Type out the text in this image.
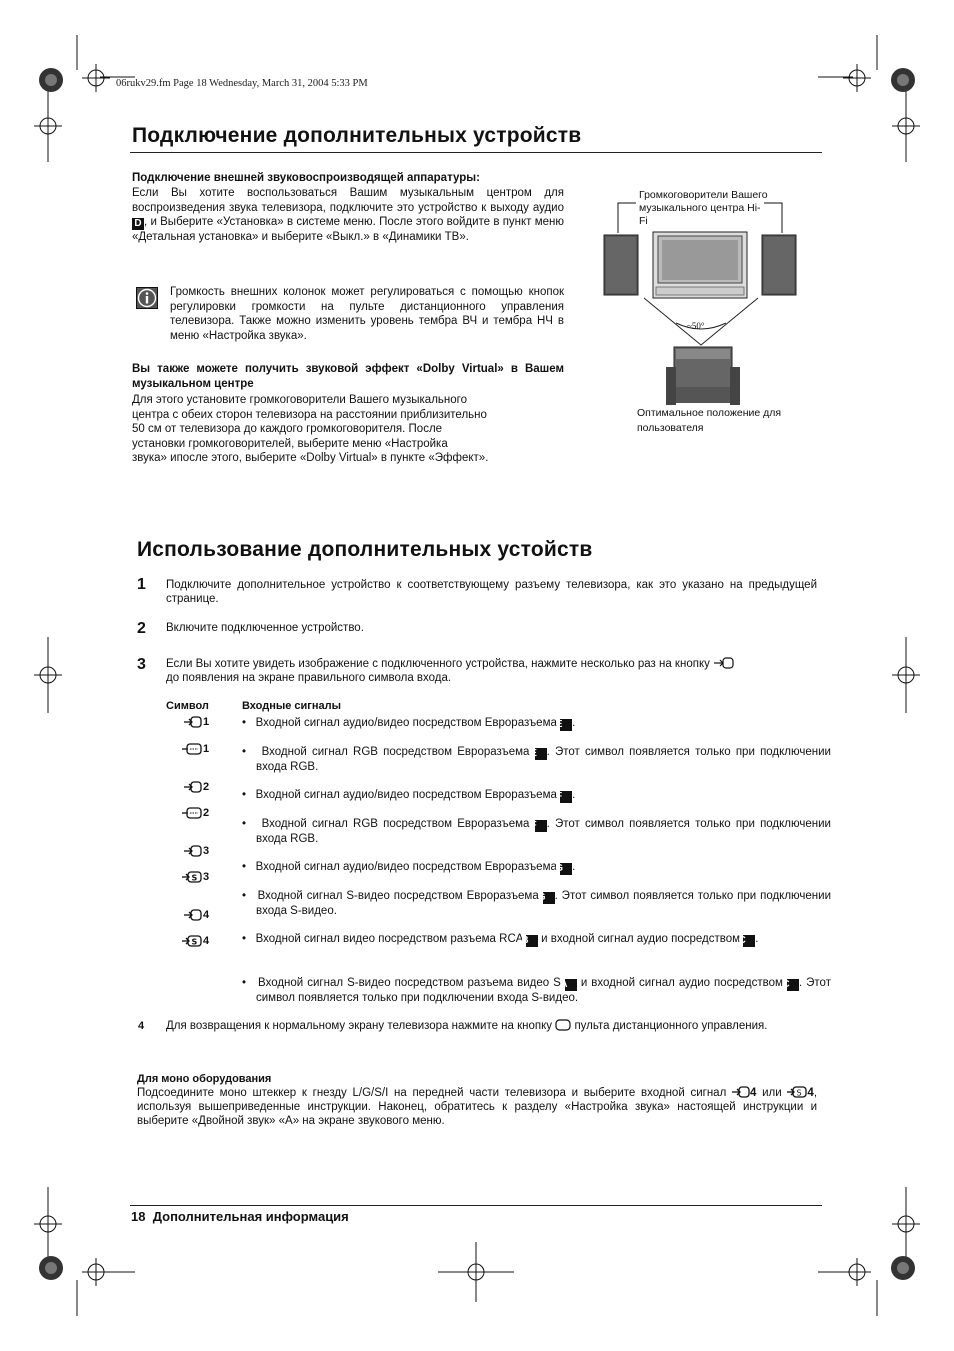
06rukv29.fm Page 18 Wednesday, March 31, 2004 5:33 PM
Подключение дополнительных устройств
Подключение внешней звуковоспроизводящей аппаратуры:
Если Вы хотите воспользоваться Вашим музыкальным центром для воспроизведения звука телевизора, подключите это устройство к выходу аудио D , и Выберите «Установка» в системе меню. После этого войдите в пункт меню «Детальная установка» и выберите «Выкл.» в «Динамики ТВ».
Громкость внешних колонок может регулироваться с помощью кнопок регулировки громкости на пульте дистанционного управления телевизора. Также можно изменить уровень тембра ВЧ и тембра НЧ в меню «Настройка звука».
Вы также можете получить звуковой эффект «Dolby Virtual» в Вашем музыкальном центре
Для этого установите громкоговорители Вашего музыкального
центра с обеих сторон телевизора на расстоянии приблизительно
50 см от телевизора до каждого громкоговорителя. После
установки громкоговорителей, выберите меню «Настройка
звука» ипосле этого, выберите «Dolby Virtual» в пункте «Эффект».
Громкоговорители Вашего музыкального центра Hi-Fi
~50°
Оптимальное положение для пользователя
Использование дополнительных устойств
1 Подключите дополнительное устройство к соответствующему разъему телевизора, как это указано на предыдущей странице.
2 Включите подключенное устройство.
3 Если Вы хотите увидеть изображение с подключенного устройства, нажмите несколько раз на кнопку
до появления на экране правильного символа входа.
Символ	Входные сигналы
1
1
2
2
3
S 3
4
S 4
•   Входной сигнал аудио/видео посредством Евроразъема E .
•   Входной сигнал RGB посредством Евроразъема E . Этот символ появляется только при подключении входа RGB.
•   Входной сигнал аудио/видео посредством Евроразъема F .
•   Входной сигнал RGB посредством Евроразъема F . Этот символ появляется только при подключении входа RGB.
•   Входной сигнал аудио/видео посредством Евроразъема G .
•   Входной сигнал S-видео посредством Евроразъема G . Этот символ появляется только при подключении входа S-видео.
•   Входной сигнал видео посредством разъема RCA B и входной сигнал аудио посредством C .
•   Входной сигнал S-видео посредством разъема видео S A и входной сигнал аудио посредством C . Этот символ появляется только при подключении входа S-видео.
4 Для возвращения к нормальному экрану телевизора нажмите на кнопку пульта дистанционного управления.
Для моно оборудования
Подсоедините моно штеккер к гнезду L/G/S/I на передней части телевизора и выберите входной сигнал 4 или S 4, используя вышеприведенные инструкции. Наконец, обратитесь к разделу «Настройка звука» настоящей инструкции и выберите «Двойной звук» «А» на экране звукового меню.
18 Дополнительная информация
